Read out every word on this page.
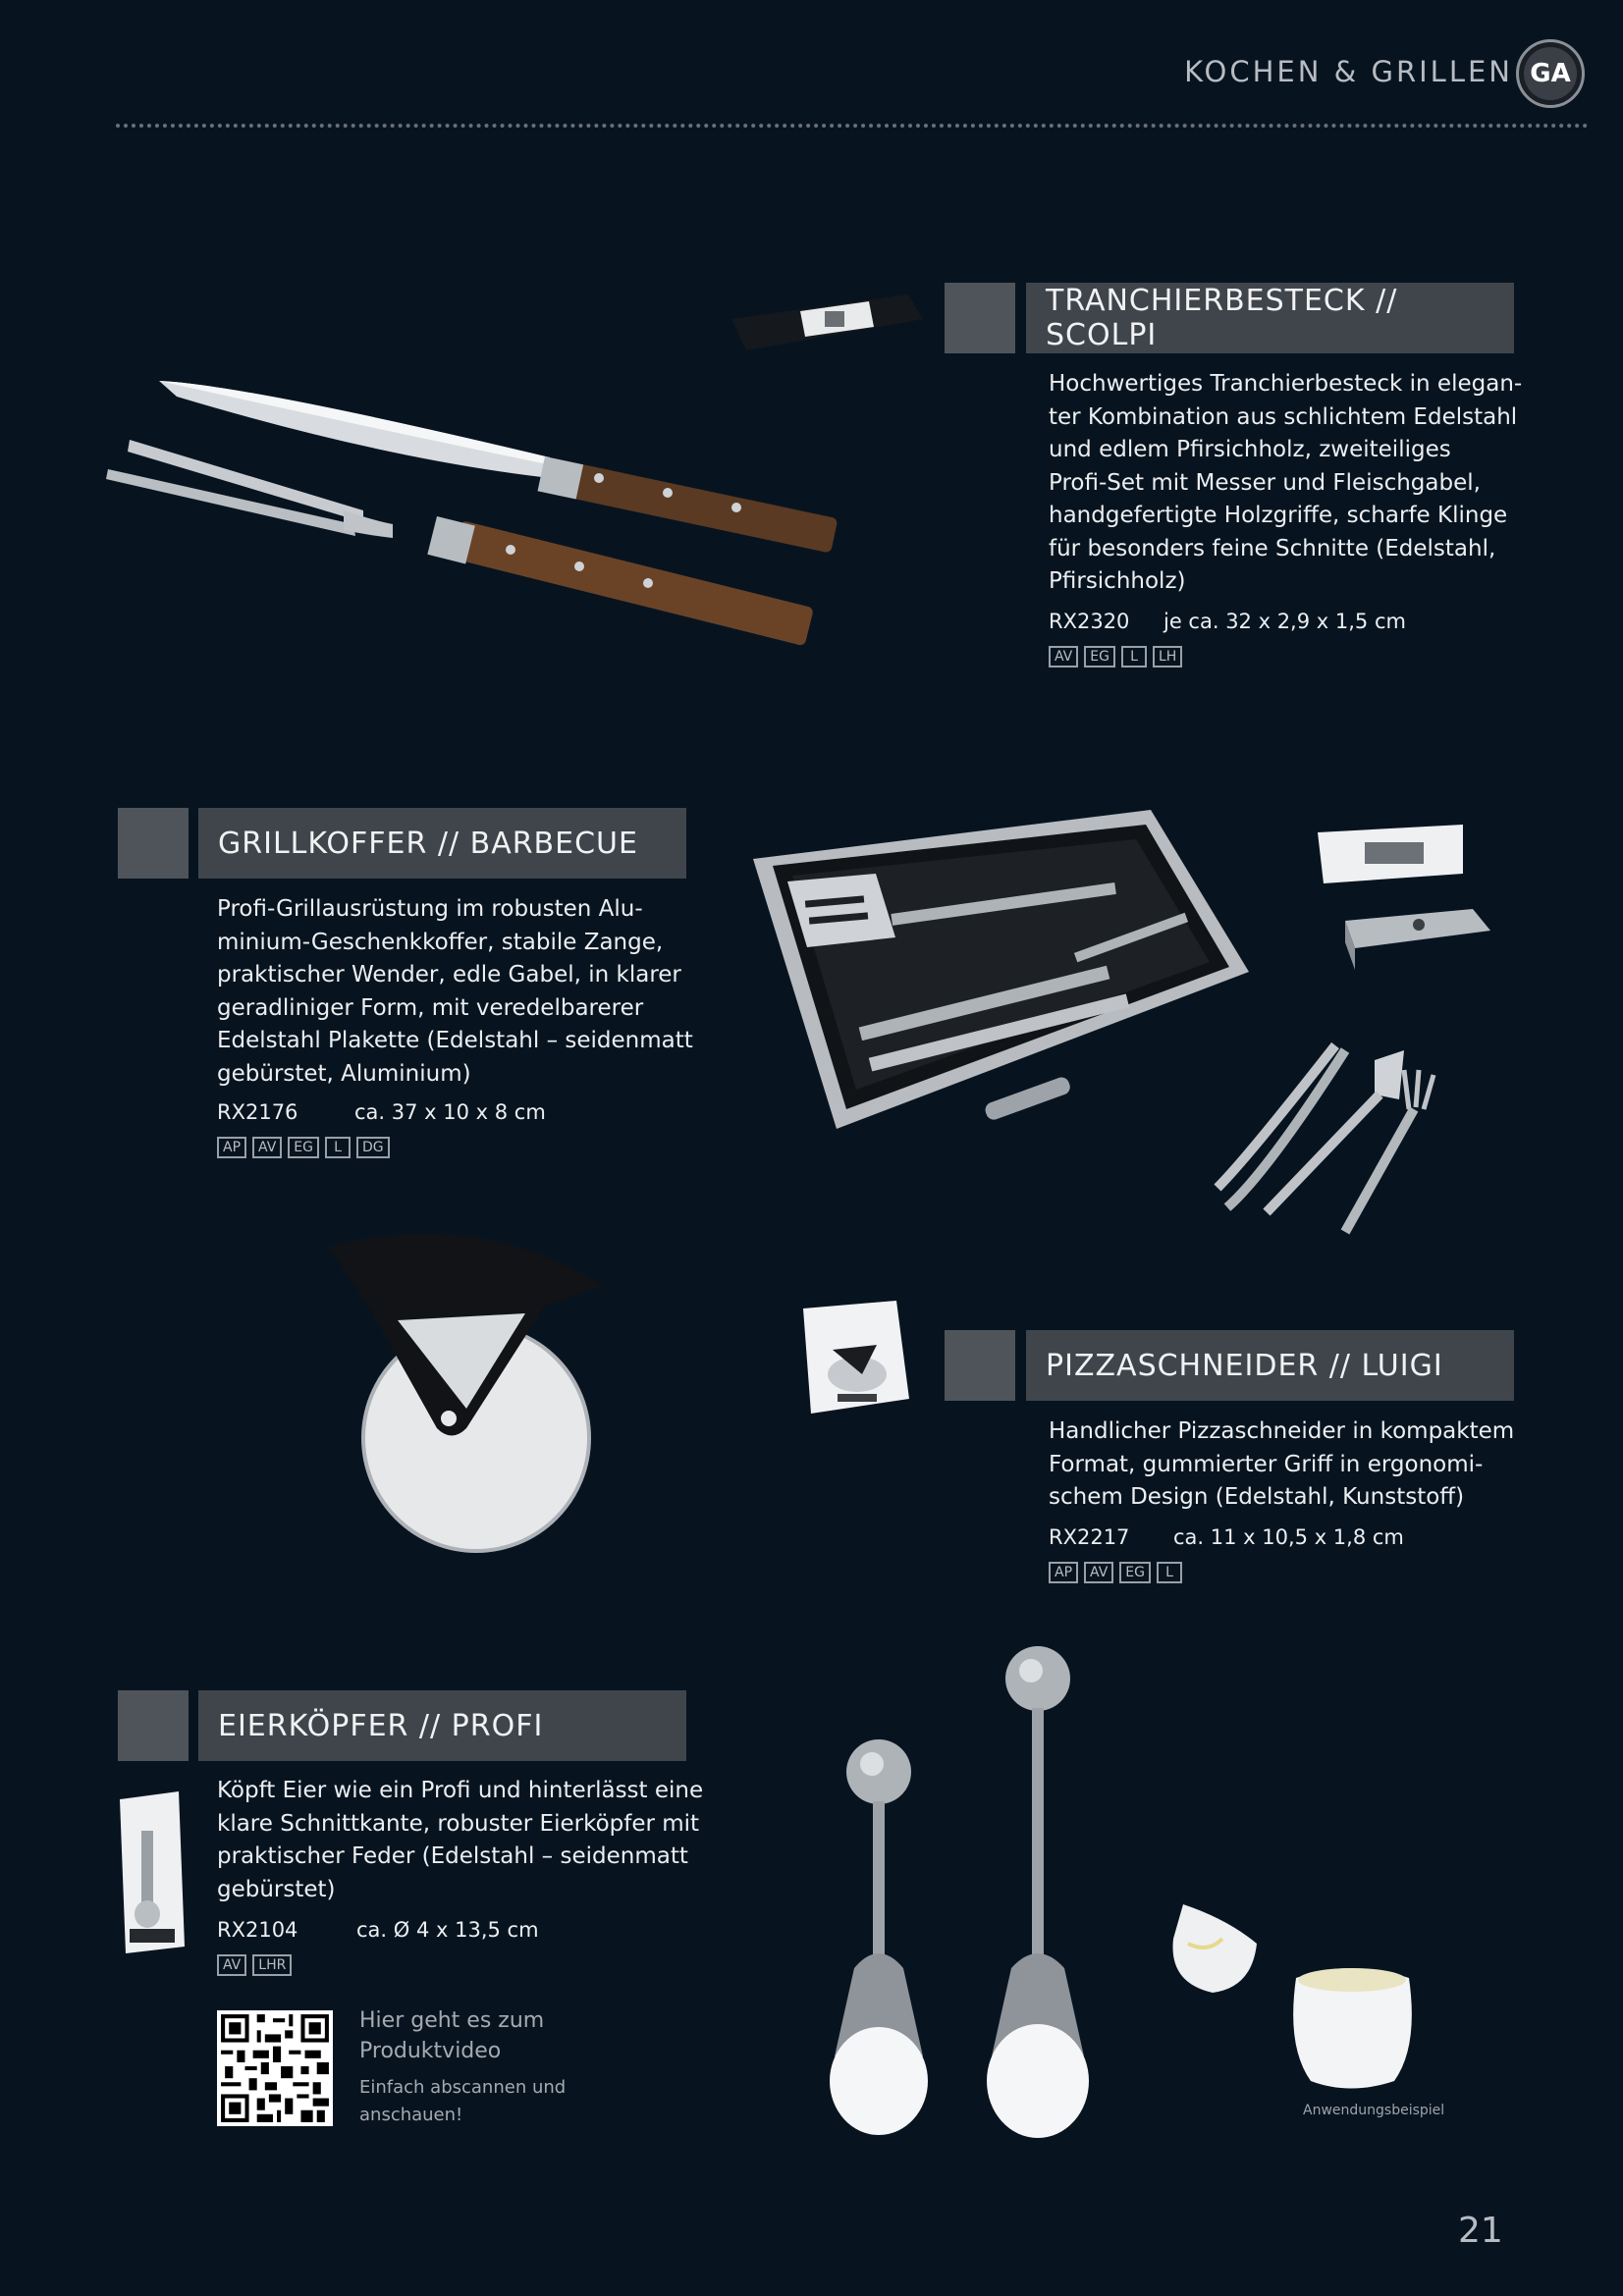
KOCHEN & GRILLEN GA
TRANCHIERBESTECK // SCOLPI
Hochwertiges Tranchierbesteck in elegan-
ter Kombination aus schlichtem Edelstahl
und edlem Pfirsichholz, zweiteiliges
Profi-Set mit Messer und Fleischgabel,
handgefertigte Holzgriffe, scharfe Klinge
für besonders feine Schnitte (Edelstahl,
Pfirsichholz)
RX2320	je ca. 32 x 2,9 x 1,5 cm
AV	EG	L	LH
GRILLKOFFER // BARBECUE
Profi-Grillausrüstung im robusten Alu-
minium-Geschenkkoffer, stabile Zange,
praktischer Wender, edle Gabel, in klarer
geradliniger Form, mit veredelbarerer
Edelstahl Plakette (Edelstahl – seidenmatt
gebürstet, Aluminium)
RX2176	ca. 37 x 10 x 8 cm
AP	AV	EG	L	DG
PIZZASCHNEIDER // LUIGI
Handlicher Pizzaschneider in kompaktem
Format, gummierter Griff in ergonomi-
schem Design (Edelstahl, Kunststoff)
RX2217	ca. 11 x 10,5 x 1,8 cm
AP	AV	EG	L
EIERKÖPFER // PROFI
Köpft Eier wie ein Profi und hinterlässt eine
klare Schnittkante, robuster Eierköpfer mit
praktischer Feder (Edelstahl – seidenmatt
gebürstet)
RX2104	ca. Ø 4 x 13,5 cm
AV	LHR
Hier geht es zum
Produktvideo
Einfach abscannen und
anschauen!	Anwendungsbeispiel
21
